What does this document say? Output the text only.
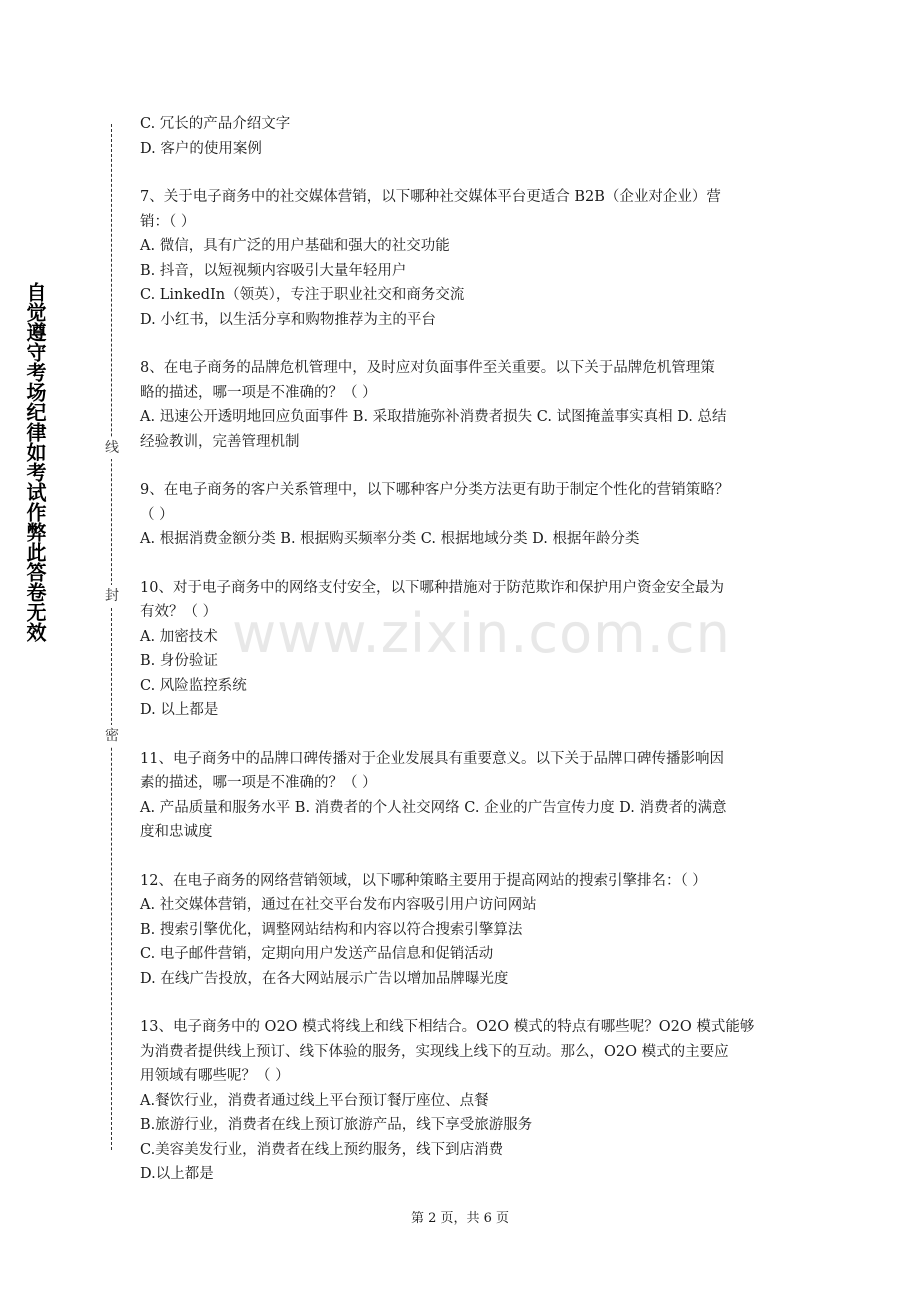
自觉遵守考场纪律如考试作弊此答卷无效	线
封
密
C. 冗长的产品介绍文字
D. 客户的使用案例
7、关于电子商务中的社交媒体营销，以下哪种社交媒体平台更适合 B2B（企业对企业）营
销：（ ）
A. 微信，具有广泛的用户基础和强大的社交功能
B. 抖音，以短视频内容吸引大量年轻用户
C. LinkedIn（领英），专注于职业社交和商务交流
D. 小红书，以生活分享和购物推荐为主的平台
8、在电子商务的品牌危机管理中，及时应对负面事件至关重要。以下关于品牌危机管理策
略的描述，哪一项是不准确的？（ ）
A. 迅速公开透明地回应负面事件 B. 采取措施弥补消费者损失 C. 试图掩盖事实真相 D. 总结
经验教训，完善管理机制
9、在电子商务的客户关系管理中，以下哪种客户分类方法更有助于制定个性化的营销策略？
（ ）
A. 根据消费金额分类 B. 根据购买频率分类 C. 根据地域分类 D. 根据年龄分类
10、对于电子商务中的网络支付安全，以下哪种措施对于防范欺诈和保护用户资金安全最为
有效？（ ）
A. 加密技术
B. 身份验证
C. 风险监控系统
D. 以上都是
11、电子商务中的品牌口碑传播对于企业发展具有重要意义。以下关于品牌口碑传播影响因
素的描述，哪一项是不准确的？（ ）
A. 产品质量和服务水平 B. 消费者的个人社交网络 C. 企业的广告宣传力度 D. 消费者的满意
度和忠诚度
12、在电子商务的网络营销领域，以下哪种策略主要用于提高网站的搜索引擎排名：（ ）
A. 社交媒体营销，通过在社交平台发布内容吸引用户访问网站
B. 搜索引擎优化，调整网站结构和内容以符合搜索引擎算法
C. 电子邮件营销，定期向用户发送产品信息和促销活动
D. 在线广告投放，在各大网站展示广告以增加品牌曝光度
13、电子商务中的 O2O 模式将线上和线下相结合。O2O 模式的特点有哪些呢？O2O 模式能够
为消费者提供线上预订、线下体验的服务，实现线上线下的互动。那么，O2O 模式的主要应
用领域有哪些呢？（ ）
A.餐饮行业，消费者通过线上平台预订餐厅座位、点餐
B.旅游行业，消费者在线上预订旅游产品，线下享受旅游服务
C.美容美发行业，消费者在线上预约服务，线下到店消费
D.以上都是
www.zixin.com.cn
第 2 页，共 6 页
